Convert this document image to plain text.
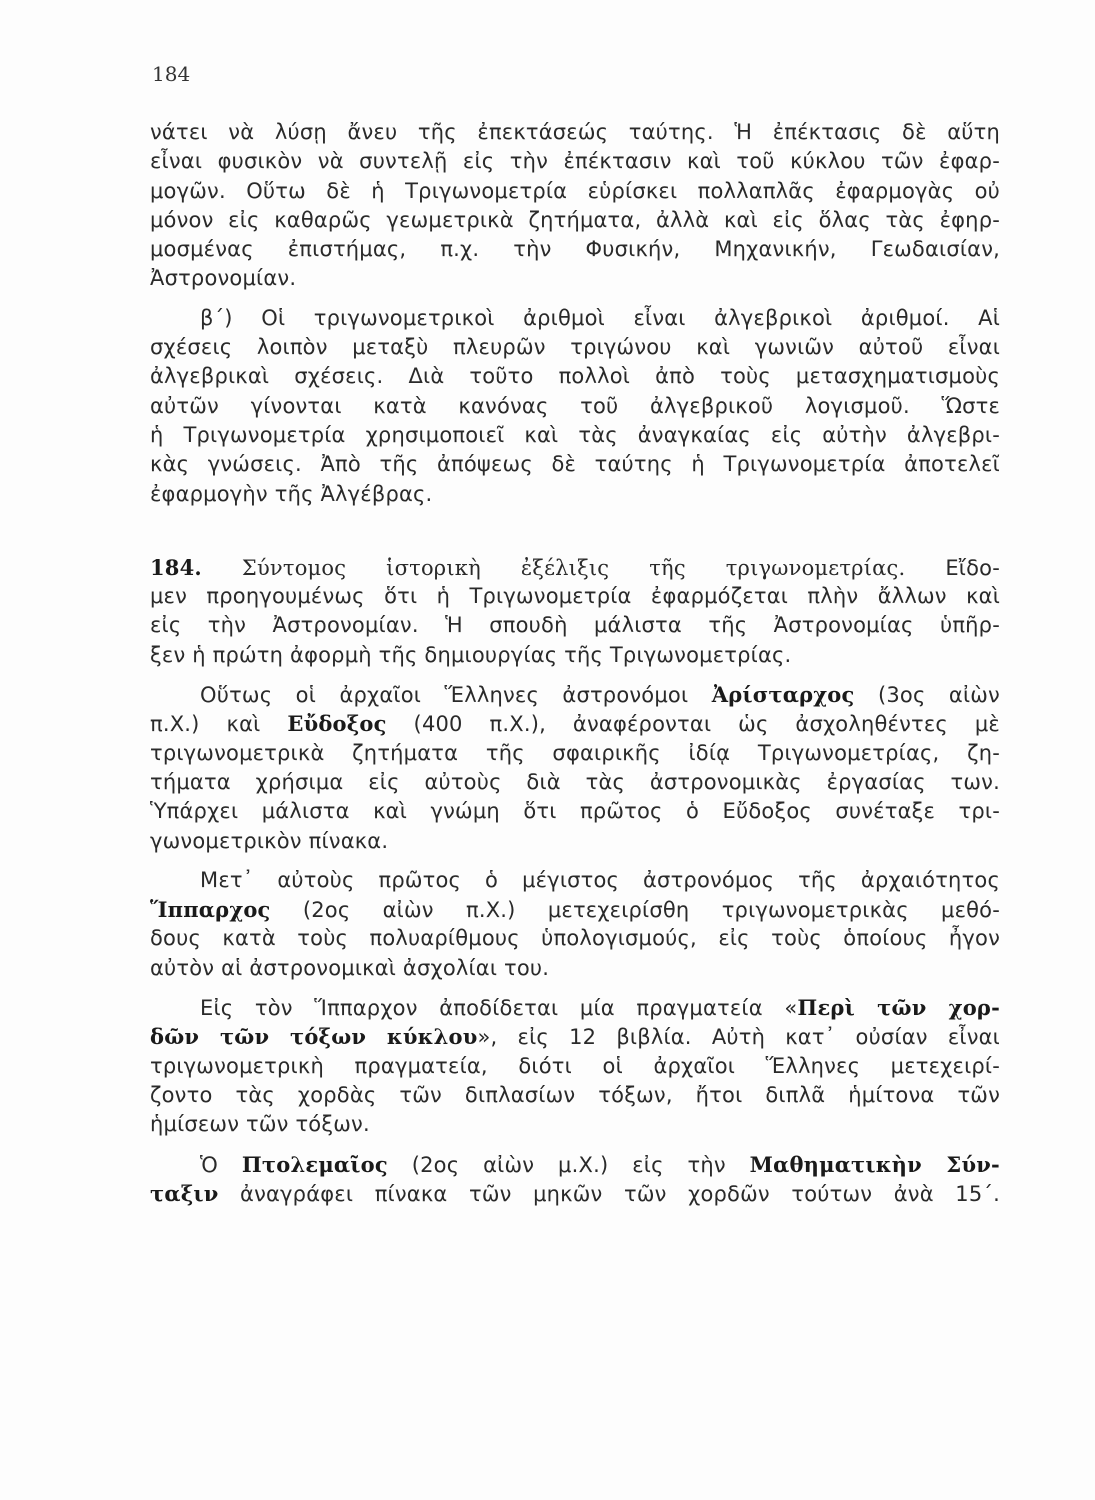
184
νάτει νὰ λύσῃ ἄνευ τῆς ἐπεκτάσεώς ταύτης. Ἡ ἐπέκτασις δὲ αὕτη
εἶναι φυσικὸν νὰ συντελῇ εἰς τὴν ἐπέκτασιν καὶ τοῦ κύκλου τῶν ἐφαρ-
μογῶν. Οὕτω δὲ ἡ Τριγωνομετρία εὑρίσκει πολλαπλᾶς ἐφαρμογὰς οὐ
μόνον εἰς καθαρῶς γεωμετρικὰ ζητήματα, ἀλλὰ καὶ εἰς ὅλας τὰς ἐφηρ-
μοσμένας ἐπιστήμας, π.χ. τὴν Φυσικήν, Μηχανικήν, Γεωδαισίαν,
Ἀστρονομίαν.
β΄) Οἱ τριγωνομετρικοὶ ἀριθμοὶ εἶναι ἀλγεβρικοὶ ἀριθμοί. Αἱ
σχέσεις λοιπὸν μεταξὺ πλευρῶν τριγώνου καὶ γωνιῶν αὐτοῦ εἶναι
ἀλγεβρικαὶ σχέσεις. Διὰ τοῦτο πολλοὶ ἀπὸ τοὺς μετασχηματισμοὺς
αὐτῶν γίνονται κατὰ κανόνας τοῦ ἀλγεβρικοῦ λογισμοῦ. Ὥστε
ἡ Τριγωνομετρία χρησιμοποιεῖ καὶ τὰς ἀναγκαίας εἰς αὐτὴν ἀλγεβρι-
κὰς γνώσεις. Ἀπὸ τῆς ἀπόψεως δὲ ταύτης ἡ Τριγωνομετρία ἀποτελεῖ
ἐφαρμογὴν τῆς Ἀλγέβρας.
184. Σύντομος ἱστορικὴ ἐξέλιξις τῆς τριγωνομετρίας. Εἴδο-
μεν προηγουμένως ὅτι ἡ Τριγωνομετρία ἐφαρμόζεται πλὴν ἄλλων καὶ
εἰς τὴν Ἀστρονομίαν. Ἡ σπουδὴ μάλιστα τῆς Ἀστρονομίας ὑπῆρ-
ξεν ἡ πρώτη ἀφορμὴ τῆς δημιουργίας τῆς Τριγωνομετρίας.
Οὕτως οἱ ἀρχαῖοι Ἕλληνες ἀστρονόμοι Ἀρίσταρχος (3ος αἰὼν
π.Χ.) καὶ Εὔδοξος (400 π.Χ.), ἀναφέρονται ὡς ἀσχοληθέντες μὲ
τριγωνομετρικὰ ζητήματα τῆς σφαιρικῆς ἰδίᾳ Τριγωνομετρίας, ζη-
τήματα χρήσιμα εἰς αὐτοὺς διὰ τὰς ἀστρονομικὰς ἐργασίας των.
Ὑπάρχει μάλιστα καὶ γνώμη ὅτι πρῶτος ὁ Εὔδοξος συνέταξε τρι-
γωνομετρικὸν πίνακα.
Μετ᾽ αὐτοὺς πρῶτος ὁ μέγιστος ἀστρονόμος τῆς ἀρχαιότητος
Ἵππαρχος (2ος αἰὼν π.Χ.) μετεχειρίσθη τριγωνομετρικὰς μεθό-
δους κατὰ τοὺς πολυαρίθμους ὑπολογισμούς, εἰς τοὺς ὁποίους ἦγον
αὐτὸν αἱ ἀστρονομικαὶ ἀσχολίαι του.
Εἰς τὸν Ἵππαρχον ἀποδίδεται μία πραγματεία «Περὶ τῶν χορ-
δῶν τῶν τόξων κύκλου», εἰς 12 βιβλία. Αὐτὴ κατ᾽ οὐσίαν εἶναι
τριγωνομετρικὴ πραγματεία, διότι οἱ ἀρχαῖοι Ἕλληνες μετεχειρί-
ζοντο τὰς χορδὰς τῶν διπλασίων τόξων, ἤτοι διπλᾶ ἡμίτονα τῶν
ἡμίσεων τῶν τόξων.
Ὁ Πτολεμαῖος (2ος αἰὼν μ.Χ.) εἰς τὴν Μαθηματικὴν Σύν-
ταξιν ἀναγράφει πίνακα τῶν μηκῶν τῶν χορδῶν τούτων ἀνὰ 15΄.
